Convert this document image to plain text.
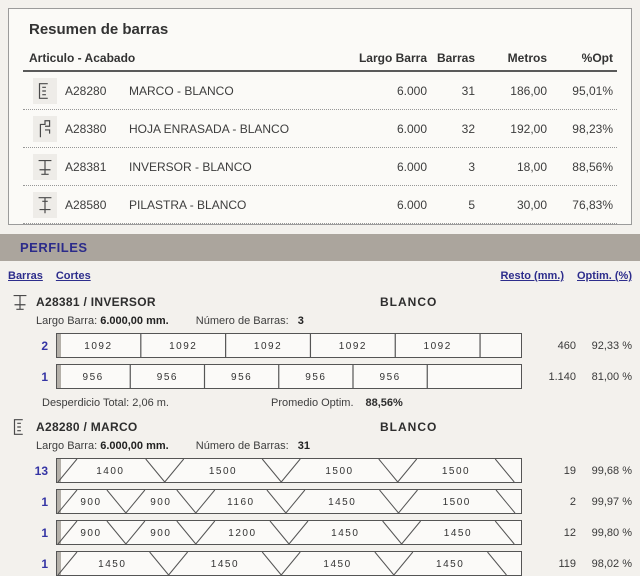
Resumen de barras
Articulo - Acabado	Largo Barra Barras	Metros	%Opt
A28280	MARCO - BLANCO	6.000	31	186,00	95,01%
A28380	HOJA ENRASADA - BLANCO	6.000	32	192,00	98,23%
A28381	INVERSOR - BLANCO	6.000	3	18,00	88,56%
A28580	PILASTRA - BLANCO	6.000	5	30,00	76,83%
PERFILES
Barras Cortes	Resto (mm.) Optim. (%)
A28381 / INVERSOR	BLANCO
Largo Barra: 6.000,00 mm. Número de Barras: 3
2	1092	1092	1092	1092	1092	460	92,33 %
1	956	956	956	956	956	1.140	81,00 %
Desperdicio Total: 2,06 m.	Promedio Optim. 88,56%
A28280 / MARCO	BLANCO
Largo Barra: 6.000,00 mm. Número de Barras: 31
13	1400	1500	1500	1500	19	99,68 %
1	900	900	1160	1450	1500	2	99,97 %
1	900	900	1200	1450	1450	12	99,80 %
1	1450	1450	1450	1450	119	98,02 %
